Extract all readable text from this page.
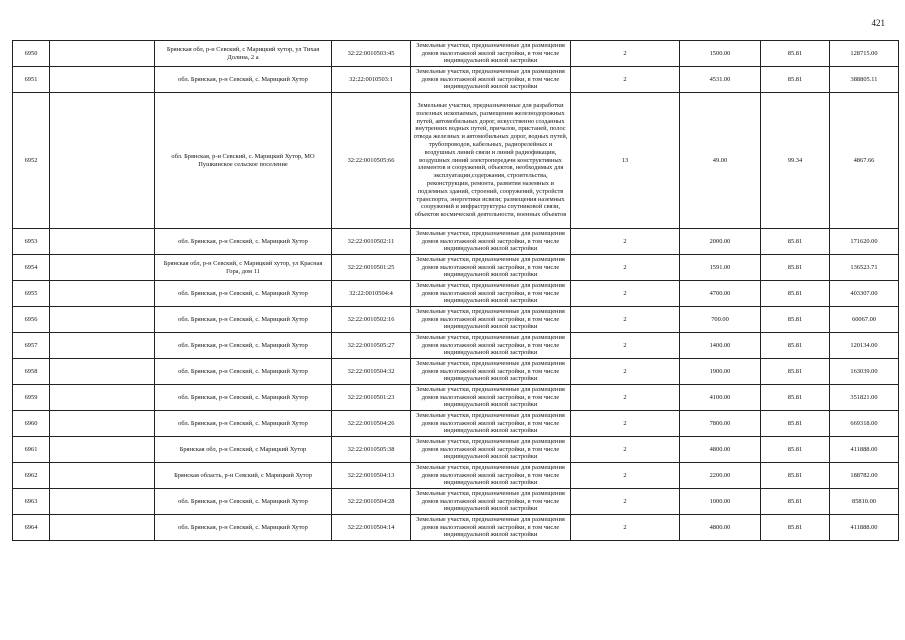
421
6950		Брянская обл, р-н Севский, с Марицкий хутор, ул Тихая Долина, 2 а	32:22:0010503:45	Земельные участки, предназначенные для размещения домов малоэтажной жилой застройки, в том числе индивидуальной жилой застройки	2	1500.00	85.81	128715.00
6951		обл. Брянская, р-н Севский, с. Марицкий Хутор	32:22:0010503:1	Земельные участки, предназначенные для размещения домов малоэтажной жилой застройки, в том числе индивидуальной жилой застройки	2	4531.00	85.81	388805.11
6952		обл. Брянская, р-н Севский, с. Марицкий Хутор, МО Пушкинское сельское поселение	32:22:0010505:66	Земельные участки, предназначенные для разработки полезных ископаемых, размещения железнодорожных путей, автомобильных дорог, искусственно созданных внутренних водных путей, причалов, пристаней, полос отвода железных и автомобильных дорог, водных путей, трубопроводов, кабельных, радиорелейных и воздушных линий связи и линий радиофикации, воздушных линий электропередачи конструктивных элементов и сооружений, объектов, необходимых для эксплуатации,содержания, строительства, реконструкции, ремонта, развития наземных и подземных зданий, строений, сооружений, устройств транспорта, энергетики исвязи; размещения наземных сооружений и инфраструктуры спутниковой связи, объектов космической деятельности, военных объектов	13	49.00	99.34	4867.66
6953		обл. Брянская, р-н Севский, с. Марицкий Хутор	32:22:0010502:11	Земельные участки, предназначенные для размещения домов малоэтажной жилой застройки, в том числе индивидуальной жилой застройки	2	2000.00	85.81	171620.00
6954		Брянская обл, р-н Севский, с Марицкий хутор, ул Красная Гора, дом 11	32:22:0010501:25	Земельные участки, предназначенные для размещения домов малоэтажной жилой застройки, в том числе индивидуальной жилой застройки	2	1591.00	85.81	136523.71
6955		обл. Брянская, р-н Севский, с. Марицкий Хутор	32:22:0010504:4	Земельные участки, предназначенные для размещения домов малоэтажной жилой застройки, в том числе индивидуальной жилой застройки	2	4700.00	85.81	403307.00
6956		обл. Брянская, р-н Севский, с. Марицкий Хутор	32:22:0010502:16	Земельные участки, предназначенные для размещения домов малоэтажной жилой застройки, в том числе индивидуальной жилой застройки	2	700.00	85.81	60067.00
6957		обл. Брянская, р-н Севский, с. Марицкий Хутор	32:22:0010505:27	Земельные участки, предназначенные для размещения домов малоэтажной жилой застройки, в том числе индивидуальной жилой застройки	2	1400.00	85.81	120134.00
6958		обл. Брянская, р-н Севский, с. Марицкий Хутор	32:22:0010504:32	Земельные участки, предназначенные для размещения домов малоэтажной жилой застройки, в том числе индивидуальной жилой застройки	2	1900.00	85.81	163039.00
6959		обл. Брянская, р-н Севский, с. Марицкий Хутор	32:22:0010501:23	Земельные участки, предназначенные для размещения домов малоэтажной жилой застройки, в том числе индивидуальной жилой застройки	2	4100.00	85.81	351821.00
6960		обл. Брянская, р-н Севский, с. Марицкий Хутор	32:22:0010504:26	Земельные участки, предназначенные для размещения домов малоэтажной жилой застройки, в том числе индивидуальной жилой застройки	2	7800.00	85.81	669318.00
6961		Брянская обл, р-н Севский, с Марицкий Хутор	32:22:0010505:38	Земельные участки, предназначенные для размещения домов малоэтажной жилой застройки, в том числе индивидуальной жилой застройки	2	4800.00	85.81	411888.00
6962		Брянская область, р-н Севский, с Марицкий Хутор	32:22:0010504:13	Земельные участки, предназначенные для размещения домов малоэтажной жилой застройки, в том числе индивидуальной жилой застройки	2	2200.00	85.81	188782.00
6963		обл. Брянская, р-н Севский, с. Марицкий Хутор	32:22:0010504:28	Земельные участки, предназначенные для размещения домов малоэтажной жилой застройки, в том числе индивидуальной жилой застройки	2	1000.00	85.81	85810.00
6964		обл. Брянская, р-н Севский, с. Марицкий Хутор	32:22:0010504:14	Земельные участки, предназначенные для размещения домов малоэтажной жилой застройки, в том числе индивидуальной жилой застройки	2	4800.00	85.81	411888.00
